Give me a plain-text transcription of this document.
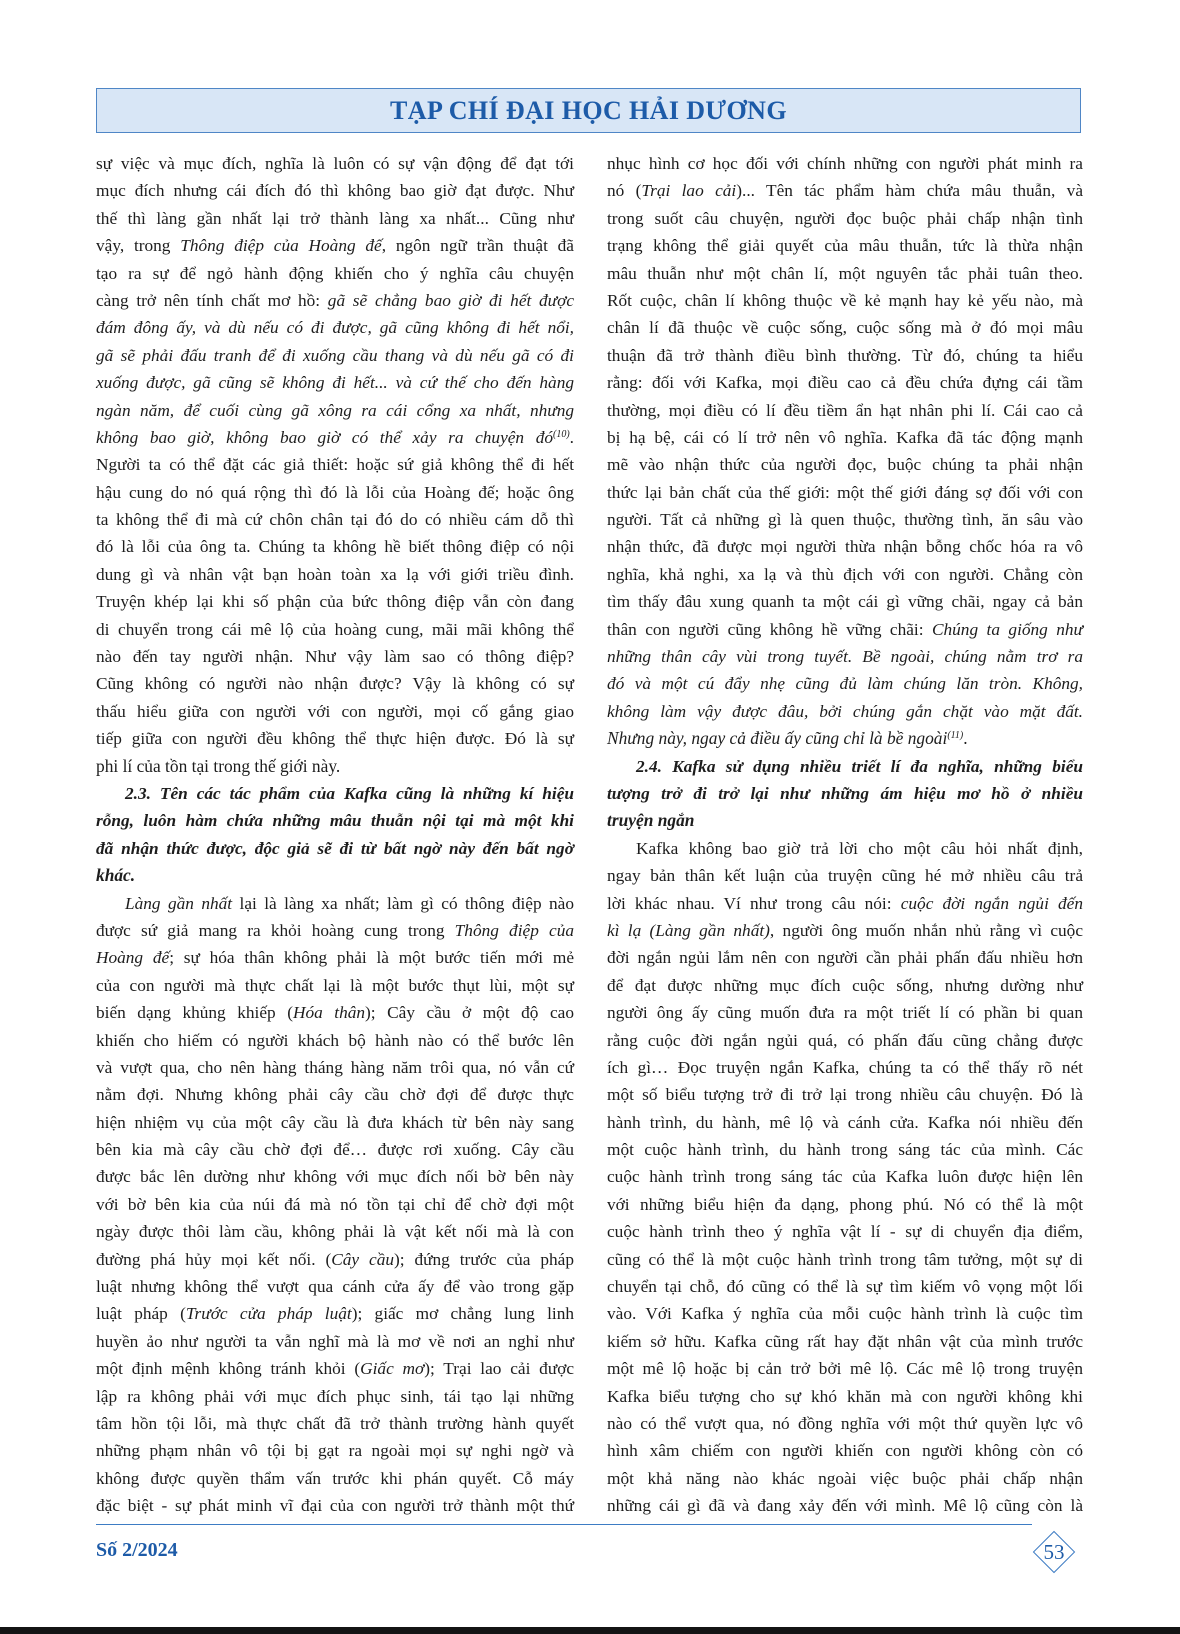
TẠP CHÍ ĐẠI HỌC HẢI DƯƠNG
sự việc và mục đích, nghĩa là luôn có sự vận động để đạt tới
mục đích nhưng cái đích đó thì không bao giờ đạt được. Như
thế thì làng gần nhất lại trở thành làng xa nhất... Cũng như
vậy, trong Thông điệp của Hoàng đế, ngôn ngữ trần thuật đã
tạo ra sự để ngỏ hành động khiến cho ý nghĩa câu chuyện
càng trở nên tính chất mơ hồ: gã sẽ chẳng bao giờ đi hết được
đám đông ấy, và dù nếu có đi được, gã cũng không đi hết nổi,
gã sẽ phải đấu tranh để đi xuống cầu thang và dù nếu gã có đi
xuống được, gã cũng sẽ không đi hết... và cứ thế cho đến hàng
ngàn năm, để cuối cùng gã xông ra cái cổng xa nhất, nhưng
không bao giờ, không bao giờ có thể xảy ra chuyện $đó^{(10)}$.
Người ta có thể đặt các giả thiết: hoặc sứ giả không thể đi hết
hậu cung do nó quá rộng thì đó là lỗi của Hoàng đế; hoặc ông
ta không thể đi mà cứ chôn chân tại đó do có nhiều cám dỗ thì
đó là lỗi của ông ta. Chúng ta không hề biết thông điệp có nội
dung gì và nhân vật bạn hoàn toàn xa lạ với giới triều đình.
Truyện khép lại khi số phận của bức thông điệp vẫn còn đang
di chuyển trong cái mê lộ của hoàng cung, mãi mãi không thể
nào đến tay người nhận. Như vậy làm sao có thông điệp?
Cũng không có người nào nhận được? Vậy là không có sự
thấu hiểu giữa con người với con người, mọi cố gắng giao
tiếp giữa con người đều không thể thực hiện được. Đó là sự
phi lí của tồn tại trong thế giới này.
2.3. Tên các tác phẩm của Kafka cũng là những kí hiệu
rỗng, luôn hàm chứa những mâu thuẫn nội tại mà một khi
đã nhận thức được, độc giả sẽ đi từ bất ngờ này đến bất ngờ
khác.
Làng gần nhất lại là làng xa nhất; làm gì có thông điệp nào
được sứ giả mang ra khỏi hoàng cung trong Thông điệp của
Hoàng đế; sự hóa thân không phải là một bước tiến mới mẻ
của con người mà thực chất lại là một bước thụt lùi, một sự
biến dạng khủng khiếp (Hóa thân); Cây cầu ở một độ cao
khiến cho hiếm có người khách bộ hành nào có thể bước lên
và vượt qua, cho nên hàng tháng hàng năm trôi qua, nó vẫn cứ
nằm đợi. Nhưng không phải cây cầu chờ đợi để được thực
hiện nhiệm vụ của một cây cầu là đưa khách từ bên này sang
bên kia mà cây cầu chờ đợi để… được rơi xuống. Cây cầu
được bắc lên dường như không với mục đích nối bờ bên này
với bờ bên kia của núi đá mà nó tồn tại chỉ để chờ đợi một
ngày được thôi làm cầu, không phải là vật kết nối mà là con
đường phá hủy mọi kết nối. (Cây cầu); đứng trước của pháp
luật nhưng không thể vượt qua cánh cửa ấy để vào trong gặp
luật pháp (Trước cửa pháp luật); giấc mơ chẳng lung linh
huyền ảo như người ta vẫn nghĩ mà là mơ về nơi an nghỉ như
một định mệnh không tránh khỏi (Giấc mơ); Trại lao cải được
lập ra không phải với mục đích phục sinh, tái tạo lại những
tâm hồn tội lỗi, mà thực chất đã trở thành trường hành quyết
những phạm nhân vô tội bị gạt ra ngoài mọi sự nghi ngờ và
không được quyền thẩm vấn trước khi phán quyết. Cỗ máy
đặc biệt - sự phát minh vĩ đại của con người trở thành một thứ
nhục hình cơ học đối với chính những con người phát minh ra
nó (Trại lao cải)... Tên tác phẩm hàm chứa mâu thuẫn, và
trong suốt câu chuyện, người đọc buộc phải chấp nhận tình
trạng không thể giải quyết của mâu thuẫn, tức là thừa nhận
mâu thuẫn như một chân lí, một nguyên tắc phải tuân theo.
Rốt cuộc, chân lí không thuộc về kẻ mạnh hay kẻ yếu nào, mà
chân lí đã thuộc về cuộc sống, cuộc sống mà ở đó mọi mâu
thuận đã trở thành điều bình thường. Từ đó, chúng ta hiểu
rằng: đối với Kafka, mọi điều cao cả đều chứa đựng cái tầm
thường, mọi điều có lí đều tiềm ẩn hạt nhân phi lí. Cái cao cả
bị hạ bệ, cái có lí trở nên vô nghĩa. Kafka đã tác động mạnh
mẽ vào nhận thức của người đọc, buộc chúng ta phải nhận
thức lại bản chất của thế giới: một thế giới đáng sợ đối với con
người. Tất cả những gì là quen thuộc, thường tình, ăn sâu vào
nhận thức, đã được mọi người thừa nhận bỗng chốc hóa ra vô
nghĩa, khả nghi, xa lạ và thù địch với con người. Chẳng còn
tìm thấy đâu xung quanh ta một cái gì vững chãi, ngay cả bản
thân con người cũng không hề vững chãi: Chúng ta giống như
những thân cây vùi trong tuyết. Bề ngoài, chúng nằm trơ ra
đó và một cú đẩy nhẹ cũng đủ làm chúng lăn tròn. Không,
không làm vậy được đâu, bởi chúng gắn chặt vào mặt đất.
Nhưng này, ngay cả điều ấy cũng chỉ là bề ngoài$^{(11)}$.
2.4. Kafka sử dụng nhiều triết lí đa nghĩa, những biểu
tượng trở đi trở lại như những ám hiệu mơ hồ ở nhiều
truyện ngắn
Kafka không bao giờ trả lời cho một câu hỏi nhất định,
ngay bản thân kết luận của truyện cũng hé mở nhiều câu trả
lời khác nhau. Ví như trong câu nói: cuộc đời ngắn ngủi đến
kì lạ (Làng gần nhất), người ông muốn nhắn nhủ rằng vì cuộc
đời ngắn ngủi lắm nên con người cần phải phấn đấu nhiều hơn
để đạt được những mục đích cuộc sống, nhưng dường như
người ông ấy cũng muốn đưa ra một triết lí có phần bi quan
rằng cuộc đời ngắn ngủi quá, có phấn đấu cũng chẳng được
ích gì… Đọc truyện ngắn Kafka, chúng ta có thể thấy rõ nét
một số biểu tượng trở đi trở lại trong nhiều câu chuyện. Đó là
hành trình, du hành, mê lộ và cánh cửa. Kafka nói nhiều đến
một cuộc hành trình, du hành trong sáng tác của mình. Các
cuộc hành trình trong sáng tác của Kafka luôn được hiện lên
với những biểu hiện đa dạng, phong phú. Nó có thể là một
cuộc hành trình theo ý nghĩa vật lí - sự di chuyển địa điểm,
cũng có thể là một cuộc hành trình trong tâm tưởng, một sự di
chuyển tại chỗ, đó cũng có thể là sự tìm kiếm vô vọng một lối
vào. Với Kafka ý nghĩa của mỗi cuộc hành trình là cuộc tìm
kiếm sở hữu. Kafka cũng rất hay đặt nhân vật của mình trước
một mê lộ hoặc bị cản trở bởi mê lộ. Các mê lộ trong truyện
Kafka biểu tượng cho sự khó khăn mà con người không khi
nào có thể vượt qua, nó đồng nghĩa với một thứ quyền lực vô
hình xâm chiếm con người khiến con người không còn có
một khả năng nào khác ngoài việc buộc phải chấp nhận
những cái gì đã và đang xảy đến với mình. Mê lộ cũng còn là
Số 2/2024	53
